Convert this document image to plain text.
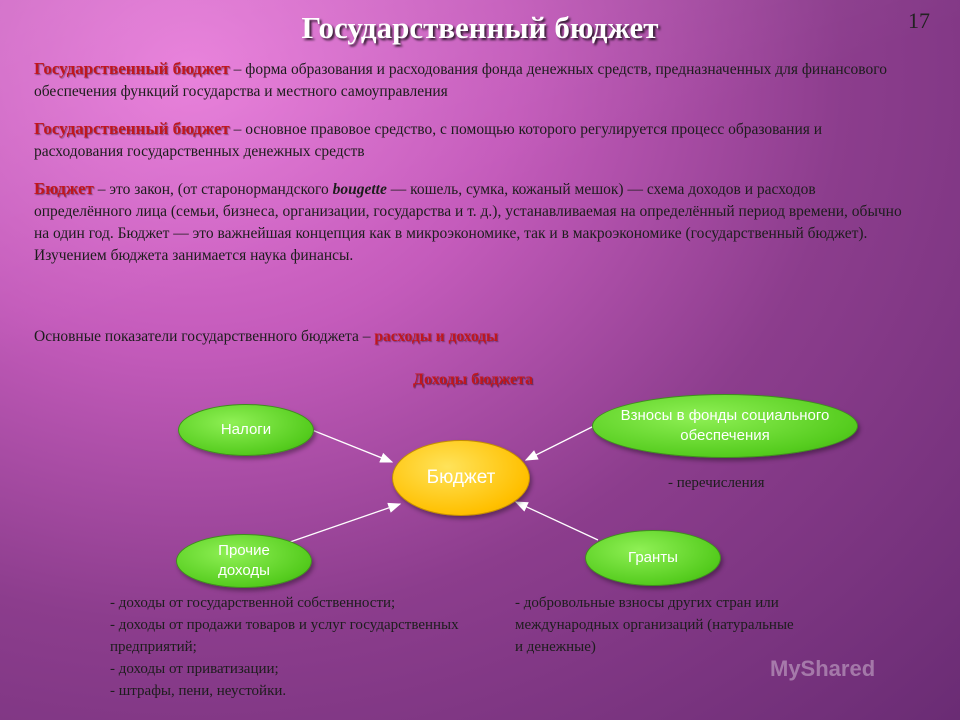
Государственный бюджет	17
Государственный бюджет – форма образования и расходования фонда денежных средств, предназначенных для финансового обеспечения функций государства и местного самоуправления
Государственный бюджет – основное правовое средство, с помощью которого регулируется процесс образования и расходования государственных денежных средств
Бюджет – это закон, (от старонормандского bougette — кошель, сумка, кожаный мешок) — схема доходов и расходов определённого лица (семьи, бизнеса, организации, государства и т. д.), устанавливаемая на определённый период времени, обычно на один год. Бюджет — это важнейшая концепция как в микроэкономике, так и в макроэкономике (государственный бюджет). Изучением бюджета занимается наука финансы.
Основные показатели государственного бюджета – расходы и доходы
Доходы бюджета
Налоги
Взносы в фонды социального обеспечения
Бюджет
Прочие
доходы
Гранты
- перечисления
- доходы от государственной собственности;
- доходы от продажи товаров и услуг государственных предприятий;
- доходы от приватизации;
- штрафы, пени, неустойки.
- добровольные взносы других стран или международных организаций (натуральные и денежные)
MyShared
